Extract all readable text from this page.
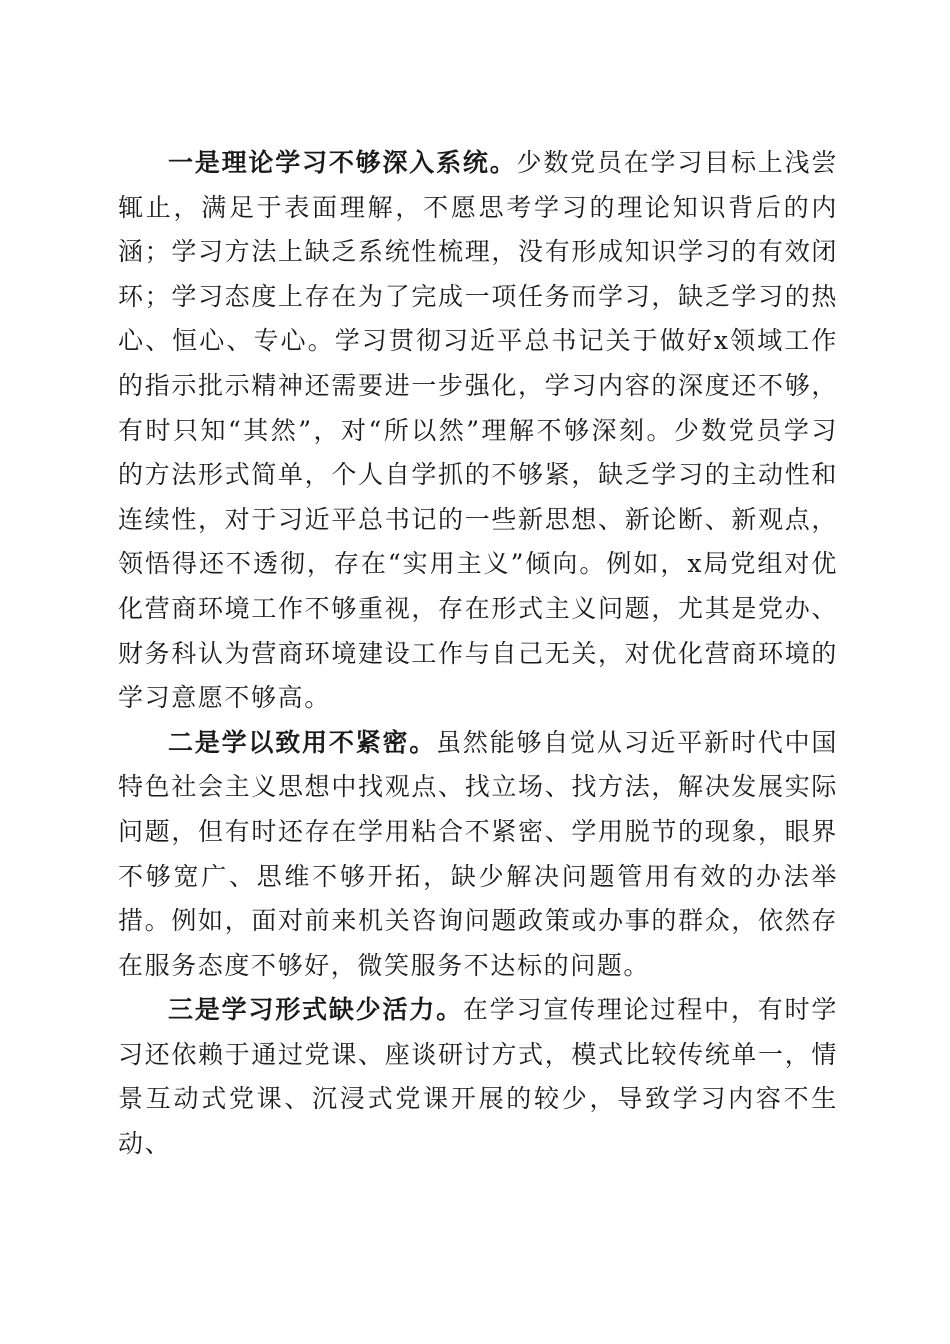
一是理论学习不够深入系统。少数党员在学习目标上浅尝辄止，满足于表面理解，不愿思考学习的理论知识背后的内涵；学习方法上缺乏系统性梳理，没有形成知识学习的有效闭环；学习态度上存在为了完成一项任务而学习，缺乏学习的热心、恒心、专心。学习贯彻习近平总书记关于做好x领域工作的指示批示精神还需要进一步强化，学习内容的深度还不够，有时只知“其然”，对“所以然”理解不够深刻。少数党员学习的方法形式简单，个人自学抓的不够紧，缺乏学习的主动性和连续性，对于习近平总书记的一些新思想、新论断、新观点，领悟得还不透彻，存在“实用主义”倾向。例如，x局党组对优化营商环境工作不够重视，存在形式主义问题，尤其是党办、财务科认为营商环境建设工作与自己无关，对优化营商环境的学习意愿不够高。

二是学以致用不紧密。虽然能够自觉从习近平新时代中国特色社会主义思想中找观点、找立场、找方法，解决发展实际问题，但有时还存在学用粘合不紧密、学用脱节的现象，眼界不够宽广、思维不够开拓，缺少解决问题管用有效的办法举措。例如，面对前来机关咨询问题政策或办事的群众，依然存在服务态度不够好，微笑服务不达标的问题。

三是学习形式缺少活力。在学习宣传理论过程中，有时学习还依赖于通过党课、座谈研讨方式，模式比较传统单一，情景互动式党课、沉浸式党课开展的较少，导致学习内容不生动、
